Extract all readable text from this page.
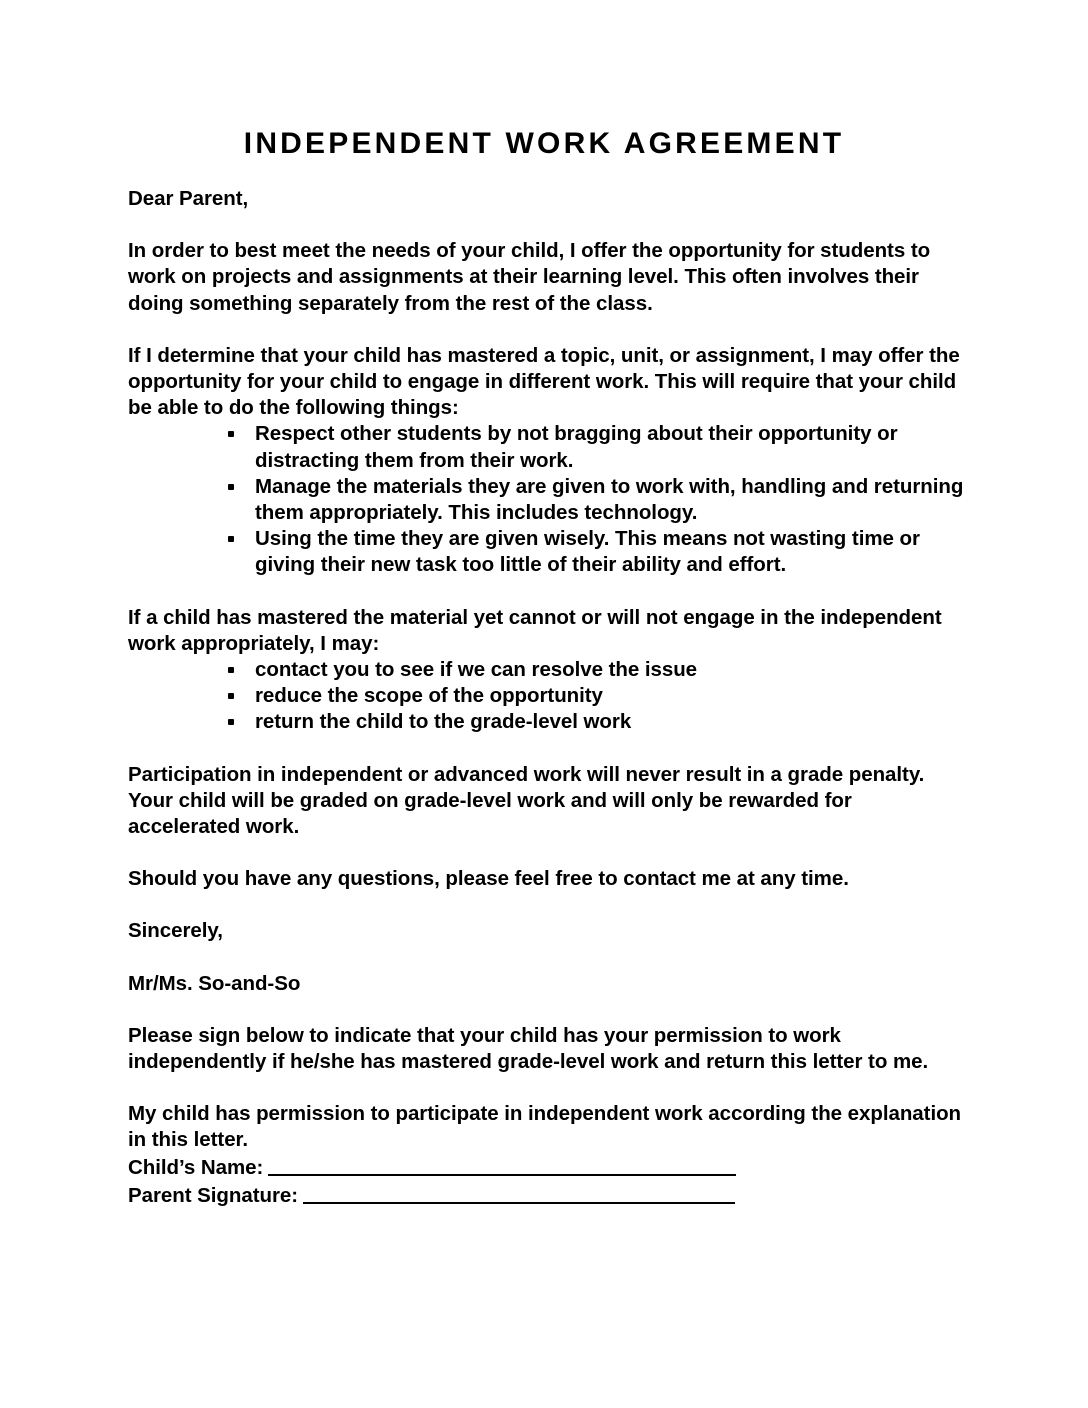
INDEPENDENT WORK AGREEMENT

Dear Parent,

In order to best meet the needs of your child, I offer the opportunity for students to work on projects and assignments at their learning level. This often involves their doing something separately from the rest of the class.

If I determine that your child has mastered a topic, unit, or assignment, I may offer the opportunity for your child to engage in different work. This will require that your child be able to do the following things:

Respect other students by not bragging about their opportunity or distracting them from their work.
Manage the materials they are given to work with, handling and returning them appropriately. This includes technology.
Using the time they are given wisely. This means not wasting time or giving their new task too little of their ability and effort.

If a child has mastered the material yet cannot or will not engage in the independent work appropriately, I may:

contact you to see if we can resolve the issue
reduce the scope of the opportunity
return the child to the grade-level work

Participation in independent or advanced work will never result in a grade penalty. Your child will be graded on grade-level work and will only be rewarded for accelerated work.

Should you have any questions, please feel free to contact me at any time.

Sincerely,

Mr/Ms. So-and-So

Please sign below to indicate that your child has your permission to work independently if he/she has mastered grade-level work and return this letter to me.

My child has permission to participate in independent work according the explanation in this letter.

Child’s Name:
Parent Signature:
